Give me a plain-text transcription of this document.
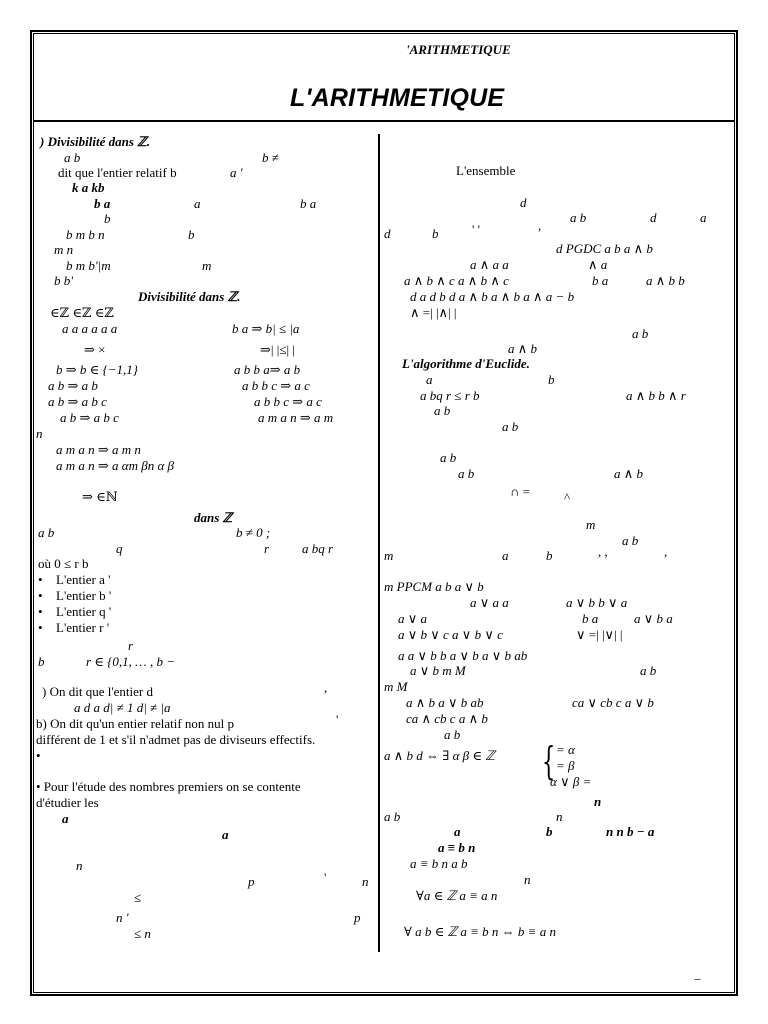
'ARITHMETIQUE
L'ARITHMETIQUE
) Divisibilité dans ℤ.
a b	b ≠
dit que l'entier relatif b	a '
k a kb
b a	a	b a
b
b m b n	b
m n
b m b'|m	m
b b'
Divisibilité dans ℤ.
∈ℤ ∈ℤ ∈ℤ
a a a a a a	b a ⇒ b| ≤ |a
⇒ ×	⇒| |≤| |
b ⇒ b ∈ {−1,1}	a b b a⇒ a b
a b ⇒ a b	a b b c ⇒ a c
a b ⇒ a b c	a b b c ⇒ a c
a b ⇒ a b c	a m a n ⇒ a m
n
a m a n ⇒ a m n
a m a n ⇒ a αm βn α β
⇒ ∈ℕ
dans ℤ
a b	b ≠ 0 ;
q	r	a bq r
où 0 ≤ r b
L'entier a '
L'entier b '
L'entier q '
L'entier r '
r
b	r ∈ {0,1, … , b −
) On dit que l'entier d	,
a d a d| ≠ 1 d| ≠ |a
b) On dit qu'un entier relatif non nul p	'
différent de 1 et s'il n'admet pas de diviseurs effectifs.
• Pour l'étude des nombres premiers on se contente
d'étudier les
a
a
n
p	'	n
≤
n '	p
≤ n
L'ensemble
d
,
a b	d	a
d	b	' '
d PGDC a b a ∧ b
a ∧ a a	∧ a
a ∧ b ∧ c a ∧ b ∧ c	b a	a ∧ b b
d a d b d a ∧ b a ∧ b a ∧ a − b
∧ =| |∧| |
a b
a ∧ b
L'algorithme d'Euclide.
a	b
a bq r ≤ r b	a ∧ b b ∧ r
a b
a b
a b
a b	a ∧ b
∩ =	^
m
a b
, ,	,
m	a	b
m PPCM a b a ∨ b
a ∨ a a	a ∨ b b ∨ a
a ∨ a	b a	a ∨ b a
a ∨ b ∨ c a ∨ b ∨ c	∨ =| |∨| |
a a ∨ b b a ∨ b a ∨ b ab
a ∨ b m M	a b
m M
a ∧ b a ∨ b ab	ca ∨ cb c a ∨ b
ca ∧ cb c a ∧ b
a b
a ∧ b d ⇔ ∃ α β ∈ ℤ	= α
= β
α ∨ β =
n
a b	n
a	b	n n b − a
a ≡ b n
a ≡ b n a b
n
∀a ∈ ℤ a ≡ a n
∀ a b ∈ ℤ a ≡ b n ⇔ b ≡ a n
•
•
•
•
•	{
−
